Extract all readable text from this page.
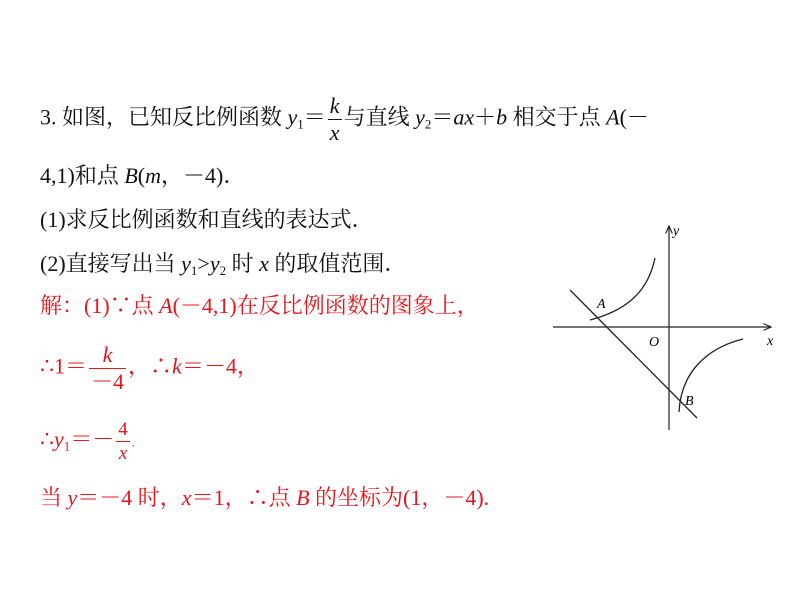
3. 如图，已知反比例函数 $y_1= \frac{k}{x}$ 与直线 $y_2=ax+b$ 相交于点 A(－
4,1)和点 B(m，－4)．
(1)求反比例函数和直线的表达式．
(2)直接写出当 $y_1>y_2$ 时 x 的取值范围．
解：(1)∵点 A(－4,1)在反比例函数的图象上，
∴1＝ $\frac{k}{-4}$ ，∴k＝－4，
$\therefore y_1=- \frac{4}{x}$ .
当 y＝－4 时，x＝1，∴点 B 的坐标为(1，－4).
y
x
O
A
B
